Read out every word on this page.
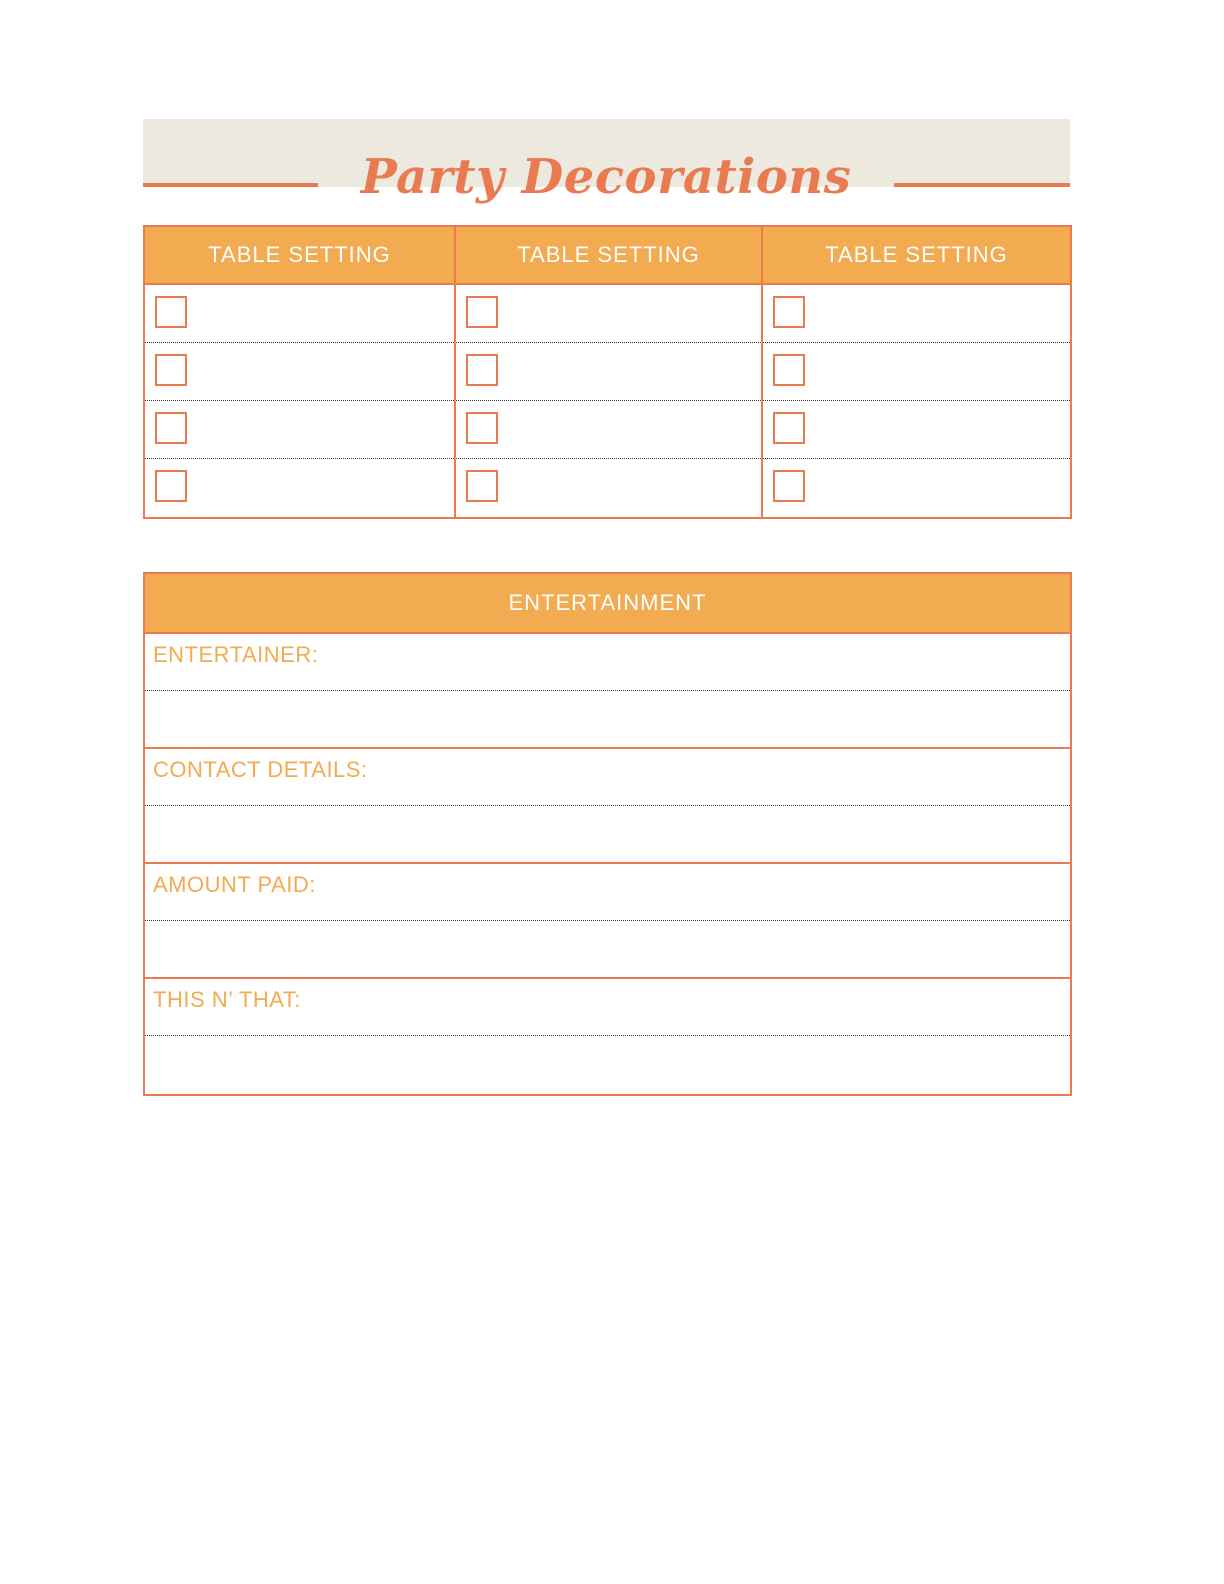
Party Decorations
TABLE SETTING	TABLE SETTING	TABLE SETTING
ENTERTAINMENT
ENTERTAINER:
CONTACT DETAILS:
AMOUNT PAID:
THIS N’ THAT:
